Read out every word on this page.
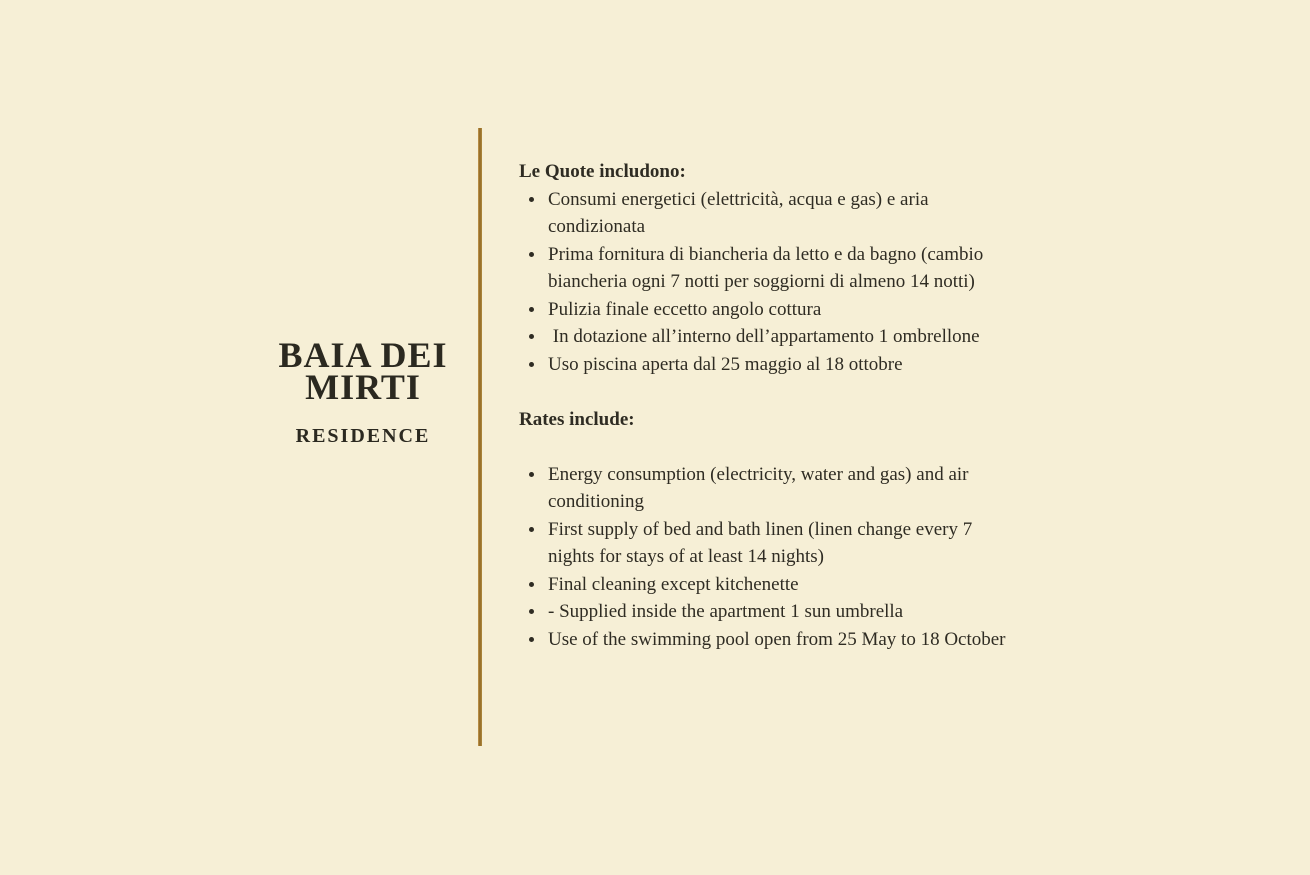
BAIA DEI
MIRTI
RESIDENCE
Le Quote includono:
Consumi energetici (elettricità, acqua e gas) e aria condizionata
Prima fornitura di biancheria da letto e da bagno (cambio biancheria ogni 7 notti per soggiorni di almeno 14 notti)
Pulizia finale eccetto angolo cottura
In dotazione all’interno dell’appartamento 1 ombrellone
Uso piscina aperta dal 25 maggio al 18 ottobre
Rates include:
Energy consumption (electricity, water and gas) and air conditioning
First supply of bed and bath linen (linen change every 7 nights for stays of at least 14 nights)
Final cleaning except kitchenette
- Supplied inside the apartment 1 sun umbrella
Use of the swimming pool open from 25 May to 18 October
